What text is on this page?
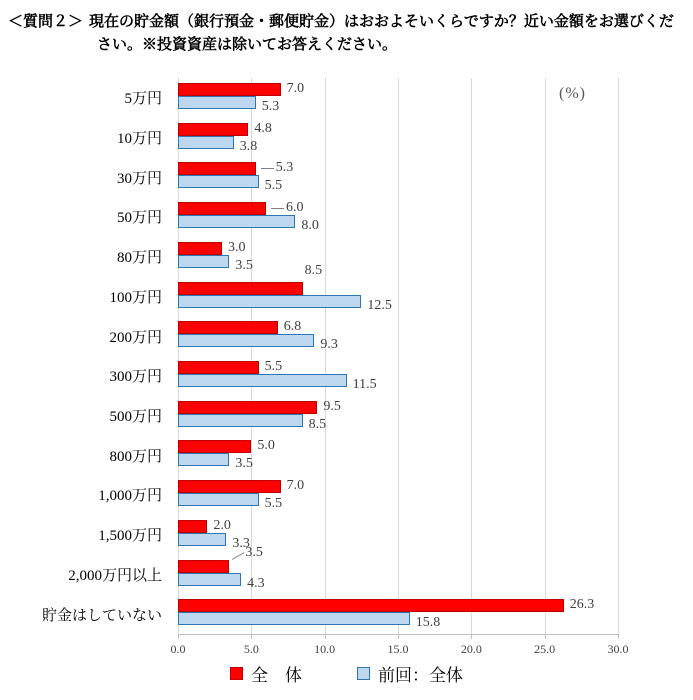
＜質問２＞ 現在の貯金額（銀行預金・郵便貯金）はおおよそいくらですか？近い金額をお選びくだ
さい。※投資資産は除いてお答えください。
5万円
10万円
30万円
50万円
80万円
100万円
200万円
300万円
500万円
800万円
1,000万円
1,500万円
2,000万円以上
貯金はしていない
(%)
0.0	5.0	10.0	15.0	20.0	25.0	30.0
7.0
5.3
4.8
3.8
5.3
5.5
6.0
8.0
3.0
3.5	8.5
12.5
6.8
9.3
5.5
11.5
9.5
8.5
5.0
3.5
7.0
5.5
2.0
3.3
3.5
4.3
26.3
15.8
全　体	前回：全体
